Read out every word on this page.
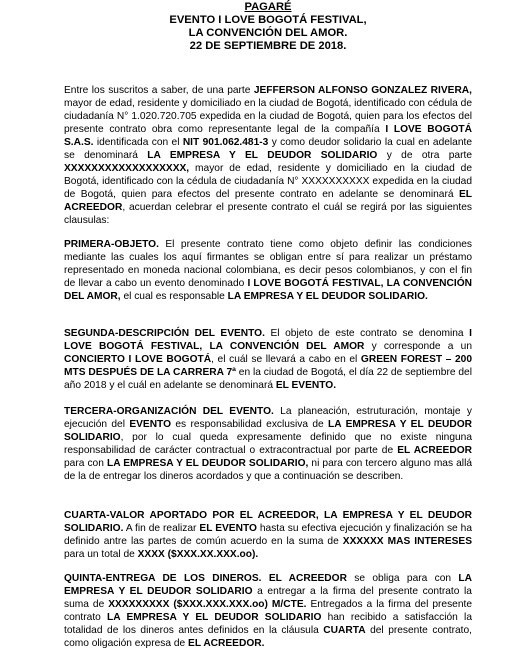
PAGARÉ
EVENTO I LOVE BOGOTÁ FESTIVAL,
LA CONVENCIÓN DEL AMOR.
22 DE SEPTIEMBRE DE 2018.

Entre los suscritos a saber, de una parte JEFFERSON ALFONSO GONZALEZ RIVERA, mayor de edad, residente y domiciliado en la ciudad de Bogotá, identificado con cédula de ciudadanía N° 1.020.720.705 expedida en la ciudad de Bogotá, quien para los efectos del presente contrato obra como representante legal de la compañía I LOVE BOGOTÁ S.A.S. identificada con el NIT 901.062.481-3 y como deudor solidario la cual en adelante se denominará LA EMPRESA Y EL DEUDOR SOLIDARIO y de otra parte XXXXXXXXXXXXXXXXXX, mayor de edad, residente y domiciliado en la ciudad de Bogotá, identificado con la cédula de ciudadanía N° XXXXXXXXXX expedida en la ciudad de Bogotá, quien para efectos del presente contrato en adelante se denominará EL ACREEDOR, acuerdan celebrar el presente contrato el cuál se regirá por las siguientes clausulas:

PRIMERA-OBJETO. El presente contrato tiene como objeto definir las condiciones mediante las cuales los aquí firmantes se obligan entre sí para realizar un préstamo representado en moneda nacional colombiana, es decir pesos colombianos, y con el fin de llevar a cabo un evento denominado I LOVE BOGOTÁ FESTIVAL, LA CONVENCIÓN DEL AMOR, el cual es responsable LA EMPRESA Y EL DEUDOR SOLIDARIO.

SEGUNDA-DESCRIPCIÓN DEL EVENTO. El objeto de este contrato se denomina I LOVE BOGOTÁ FESTIVAL, LA CONVENCIÓN DEL AMOR y corresponde a un CONCIERTO I LOVE BOGOTÁ, el cuál se llevará a cabo en el GREEN FOREST – 200 MTS DESPUÉS DE LA CARRERA 7ª en la ciudad de Bogotá, el día 22 de septiembre del año 2018 y el cuál en adelante se denominará EL EVENTO.

TERCERA-ORGANIZACIÓN DEL EVENTO. La planeación, estruturación, montaje y ejecución del EVENTO es responsabilidad exclusiva de LA EMPRESA Y EL DEUDOR SOLIDARIO, por lo cual queda expresamente definido que no existe ninguna responsabilidad de carácter contractual o extracontractual por parte de EL ACREEDOR para con LA EMPRESA Y EL DEUDOR SOLIDARIO, ni para con tercero alguno mas allá de la de entregar los dineros acordados y que a continuación se describen.

CUARTA-VALOR APORTADO POR EL ACREEDOR, LA EMPRESA Y EL DEUDOR SOLIDARIO. A fin de realizar EL EVENTO hasta su efectiva ejecución y finalización se ha definido antre las partes de común acuerdo en la suma de XXXXXX MAS INTERESES para un total de XXXX ($XXX.XX.XXX.oo).

QUINTA-ENTREGA DE LOS DINEROS. EL ACREEDOR se obliga para con LA EMPRESA Y EL DEUDOR SOLIDARIO a entregar a la firma del presente contrato la suma de XXXXXXXXX ($XXX.XXX.XXX.oo) M/CTE. Entregados a la firma del presente contrato LA EMPRESA Y EL DEUDOR SOLIDARIO han recibido a satisfacción la totalidad de los dineros antes definidos en la cláusula CUARTA del presente contrato, como oligación expresa de EL ACREEDOR.
